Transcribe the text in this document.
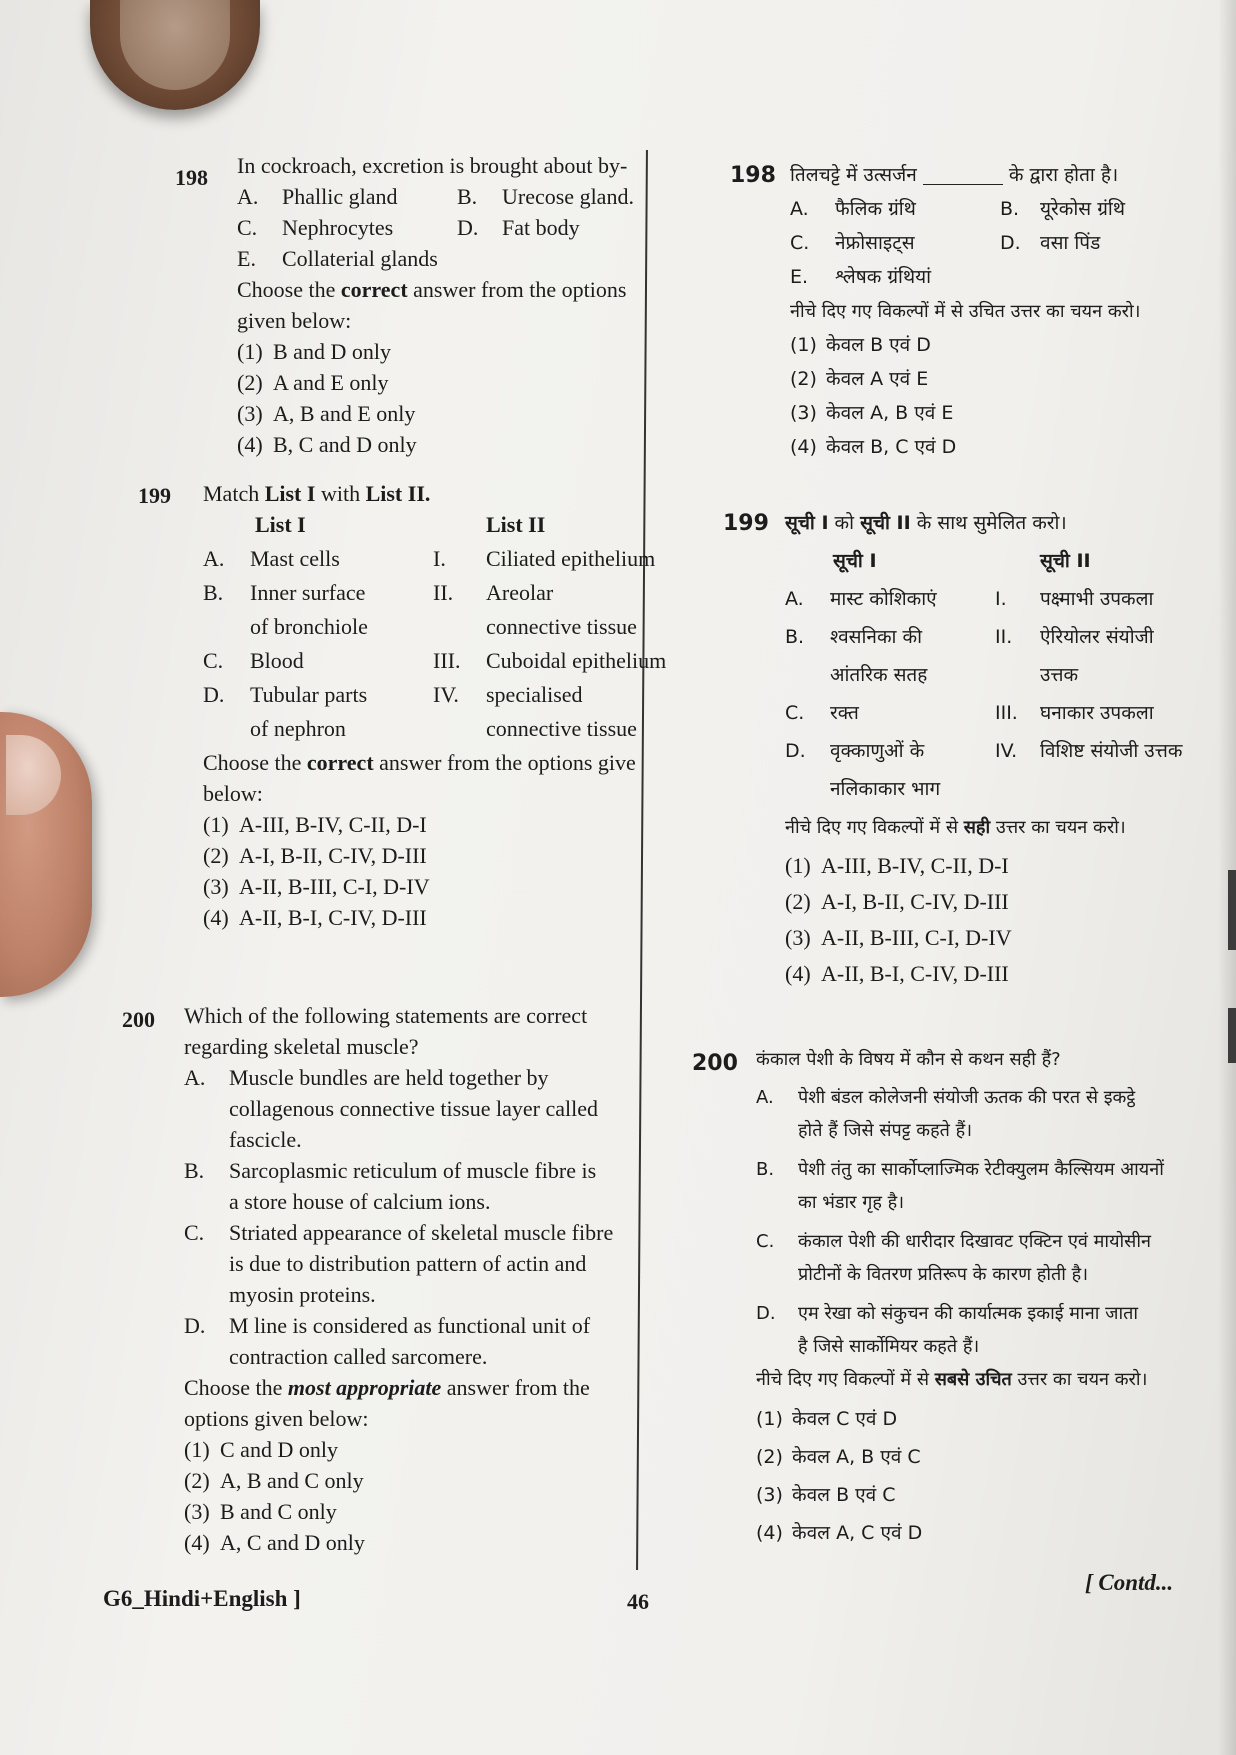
198 In cockroach, excretion is brought about by-
A. Phallic gland	B. Urecose gland.
C. Nephrocytes	D. Fat body
E. Collaterial glands
Choose the correct answer from the options
given below:
(1) B and D only
(2) A and E only
(3) A, B and E only
(4) B, C and D only
199 Match List I with List II.
List I	List II
A. Mast cells	I. Ciliated epithelium
B. Inner surface	II. Areolar
of bronchiole	connective tissue
C. Blood	III. Cuboidal epithelium
D. Tubular parts	IV. specialised
of nephron	connective tissue
Choose the correct answer from the options give
below:
(1) A-III, B-IV, C-II, D-I
(2) A-I, B-II, C-IV, D-III
(3) A-II, B-III, C-I, D-IV
(4) A-II, B-I, C-IV, D-III
200 Which of the following statements are correct
regarding skeletal muscle?
A. Muscle bundles are held together by
collagenous connective tissue layer called
fascicle.
B. Sarcoplasmic reticulum of muscle fibre is
a store house of calcium ions.
C. Striated appearance of skeletal muscle fibre
is due to distribution pattern of actin and
myosin proteins.
D. M line is considered as functional unit of
contraction called sarcomere.
Choose the most appropriate answer from the
options given below:
(1) C and D only
(2) A, B and C only
(3) B and C only
(4) A, C and D only
198 तिलचट्टे में उत्सर्जन	के द्वारा होता है।
A. फैलिक ग्रंथि	B. यूरेकोस ग्रंथि
C. नेफ्रोसाइट्स	D. वसा पिंड
E. श्लेषक ग्रंथियां
नीचे दिए गए विकल्पों में से उचित उत्तर का चयन करो।
(1) केवल B एवं D
(2) केवल A एवं E
(3) केवल A, B एवं E
(4) केवल B, C एवं D
199 सूची I को सूची II के साथ सुमेलित करो।
सूची I	सूची II
A. मास्ट कोशिकाएं	I. पक्ष्माभी उपकला
B. श्वसनिका की	II. ऐरियोलर संयोजी
आंतरिक सतह	उत्तक
C. रक्त	III. घनाकार उपकला
D. वृक्काणुओं के	IV. विशिष्ट संयोजी उत्तक
नलिकाकार भाग
नीचे दिए गए विकल्पों में से सही उत्तर का चयन करो।
(1) A-III, B-IV, C-II, D-I
(2) A-I, B-II, C-IV, D-III
(3) A-II, B-III, C-I, D-IV
(4) A-II, B-I, C-IV, D-III
200 कंकाल पेशी के विषय में कौन से कथन सही हैं?
A. पेशी बंडल कोलेजनी संयोजी ऊतक की परत से इकट्ठे
होते हैं जिसे संपट्ट कहते हैं।
B. पेशी तंतु का सार्कोप्लाज्मिक रेटीक्युलम कैल्सियम आयनों
का भंडार गृह है।
C. कंकाल पेशी की धारीदार दिखावट एक्टिन एवं मायोसीन
प्रोटीनों के वितरण प्रतिरूप के कारण होती है।
D. एम रेखा को संकुचन की कार्यात्मक इकाई माना जाता
है जिसे सार्कोमियर कहते हैं।
नीचे दिए गए विकल्पों में से सबसे उचित उत्तर का चयन करो।
(1) केवल C एवं D
(2) केवल A, B एवं C
(3) केवल B एवं C
(4) केवल A, C एवं D
G6_Hindi+English ]	46
[ Contd...
